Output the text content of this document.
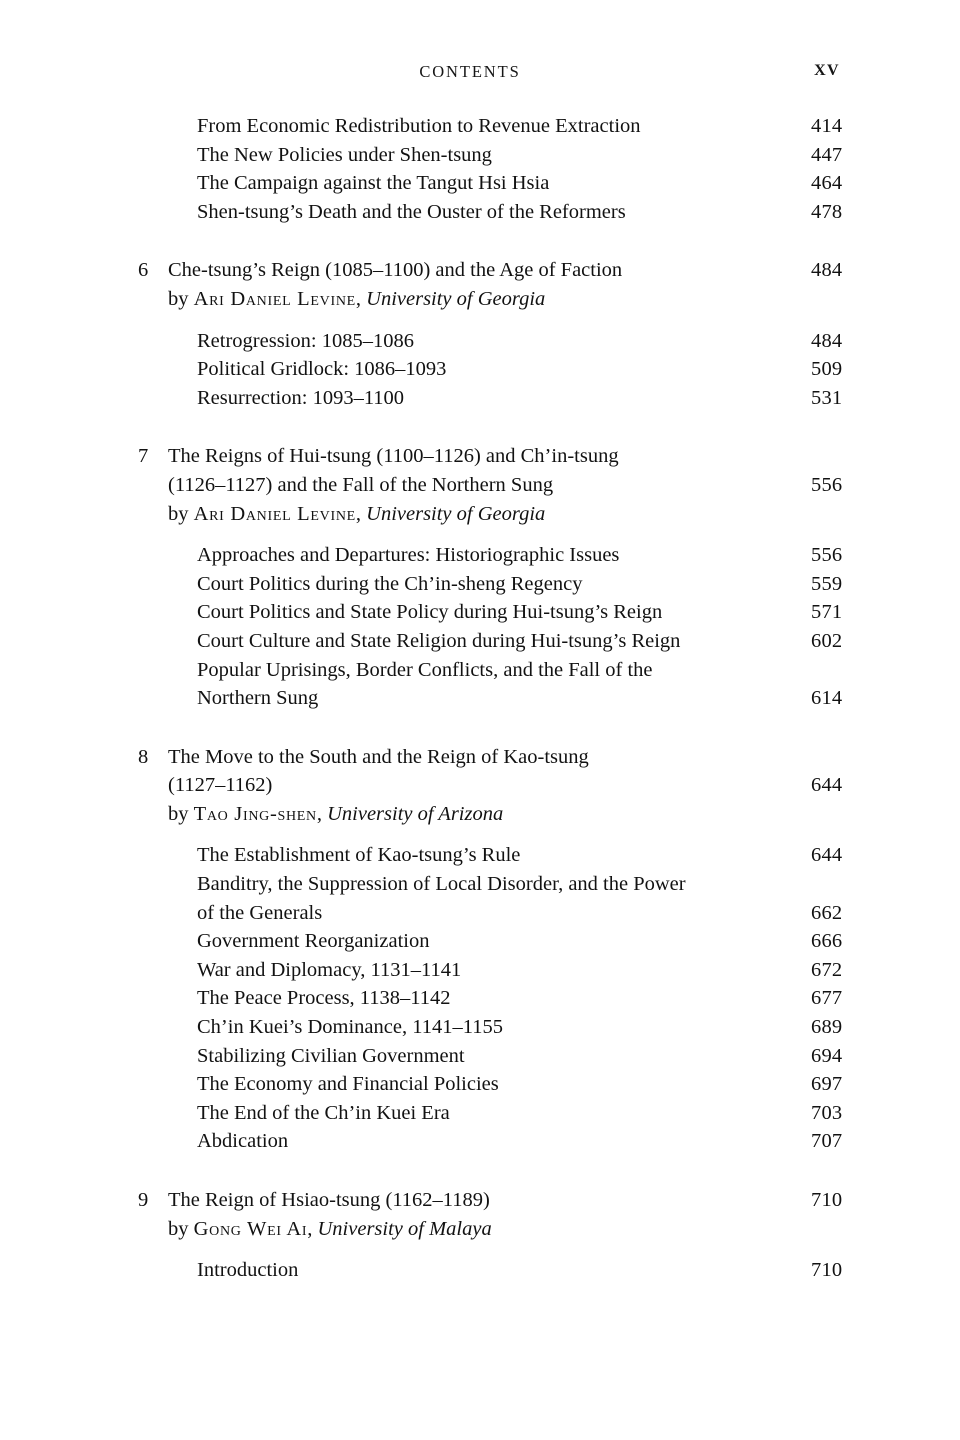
CONTENTS	XV
From Economic Redistribution to Revenue Extraction	414
The New Policies under Shen-tsung	447
The Campaign against the Tangut Hsi Hsia	464
Shen-tsung’s Death and the Ouster of the Reformers	478
6 Che-tsung’s Reign (1085–1100) and the Age of Faction	484
by Ari Daniel Levine, University of Georgia
Retrogression: 1085–1086	484
Political Gridlock: 1086–1093	509
Resurrection: 1093–1100	531
7 The Reigns of Hui-tsung (1100–1126) and Ch’in-tsung
(1126–1127) and the Fall of the Northern Sung	556
by Ari Daniel Levine, University of Georgia
Approaches and Departures: Historiographic Issues	556
Court Politics during the Ch’in-sheng Regency	559
Court Politics and State Policy during Hui-tsung’s Reign	571
Court Culture and State Religion during Hui-tsung’s Reign	602
Popular Uprisings, Border Conflicts, and the Fall of the
Northern Sung	614
8 The Move to the South and the Reign of Kao-tsung
(1127–1162)	644
by Tao Jing-shen, University of Arizona
The Establishment of Kao-tsung’s Rule	644
Banditry, the Suppression of Local Disorder, and the Power
of the Generals	662
Government Reorganization	666
War and Diplomacy, 1131–1141	672
The Peace Process, 1138–1142	677
Ch’in Kuei’s Dominance, 1141–1155	689
Stabilizing Civilian Government	694
The Economy and Financial Policies	697
The End of the Ch’in Kuei Era	703
Abdication	707
9 The Reign of Hsiao-tsung (1162–1189)	710
by Gong Wei Ai, University of Malaya
Introduction	710
